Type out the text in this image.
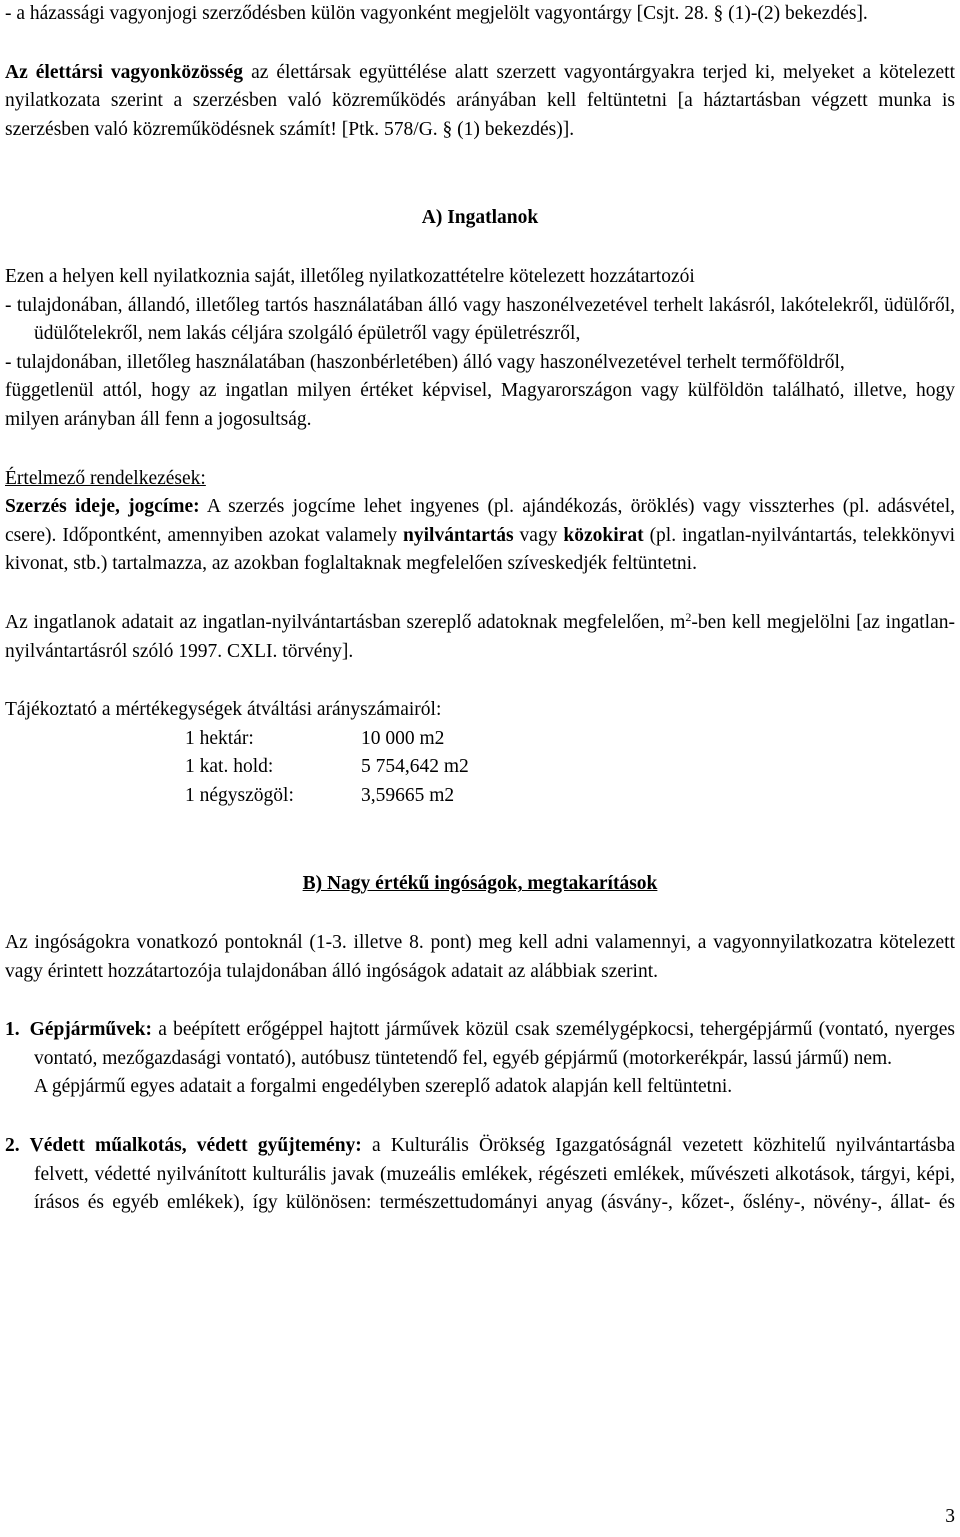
- a házassági vagyonjogi szerződésben külön vagyonként megjelölt vagyontárgy [Csjt. 28. § (1)-(2) bekezdés].

Az élettársi vagyonközösség az élettársak együttélése alatt szerzett vagyontárgyakra terjed ki, melyeket a kötelezett nyilatkozata szerint a szerzésben való közreműködés arányában kell feltüntetni [a háztartásban végzett munka is szerzésben való közreműködésnek számít! [Ptk. 578/G. § (1) bekezdés)].

A) Ingatlanok

Ezen a helyen kell nyilatkoznia saját, illetőleg nyilatkozattételre kötelezett hozzátartozói

- tulajdonában, állandó, illetőleg tartós használatában álló vagy haszonélvezetével terhelt lakásról, lakótelekről, üdülőről, üdülőtelekről, nem lakás céljára szolgáló épületről vagy épületrészről,

- tulajdonában, illetőleg használatában (haszonbérletében) álló vagy haszonélvezetével terhelt termőföldről,

függetlenül attól, hogy az ingatlan milyen értéket képvisel, Magyarországon vagy külföldön található, illetve, hogy milyen arányban áll fenn a jogosultság.

Értelmező rendelkezések:

Szerzés ideje, jogcíme: A szerzés jogcíme lehet ingyenes (pl. ajándékozás, öröklés) vagy visszterhes (pl. adásvétel, csere). Időpontként, amennyiben azokat valamely nyilvántartás vagy közokirat (pl. ingatlan-nyilvántartás, telekkönyvi kivonat, stb.) tartalmazza, az azokban foglaltaknak megfelelően szíveskedjék feltüntetni.

Az ingatlanok adatait az ingatlan-nyilvántartásban szereplő adatoknak megfelelően, $m^2$-ben kell megjelölni [az ingatlan-nyilvántartásról szóló 1997. CXLI. törvény].

Tájékoztató a mértékegységek átváltási arányszámairól:

1 hektár:	10 000 m2
1 kat. hold:	5 754,642 m2
1 négyszögöl:	3,59665 m2

B) Nagy értékű ingóságok, megtakarítások

Az ingóságokra vonatkozó pontoknál (1-3. illetve 8. pont) meg kell adni valamennyi, a vagyonnyilatkozatra kötelezett vagy érintett hozzátartozója tulajdonában álló ingóságok adatait az alábbiak szerint.

1. Gépjárművek: a beépített erőgéppel hajtott járművek közül csak személygépkocsi, tehergépjármű (vontató, nyerges vontató, mezőgazdasági vontató), autóbusz tüntetendő fel, egyéb gépjármű (motorkerékpár, lassú jármű) nem.

A gépjármű egyes adatait a forgalmi engedélyben szereplő adatok alapján kell feltüntetni.

2. Védett műalkotás, védett gyűjtemény: a Kulturális Örökség Igazgatóságnál vezetett közhitelű nyilvántartásba felvett, védetté nyilvánított kulturális javak (muzeális emlékek, régészeti emlékek, művészeti alkotások, tárgyi, képi, írásos és egyéb emlékek), így különösen: természettudományi anyag (ásvány-, kőzet-, őslény-, növény-, állat- és

3
